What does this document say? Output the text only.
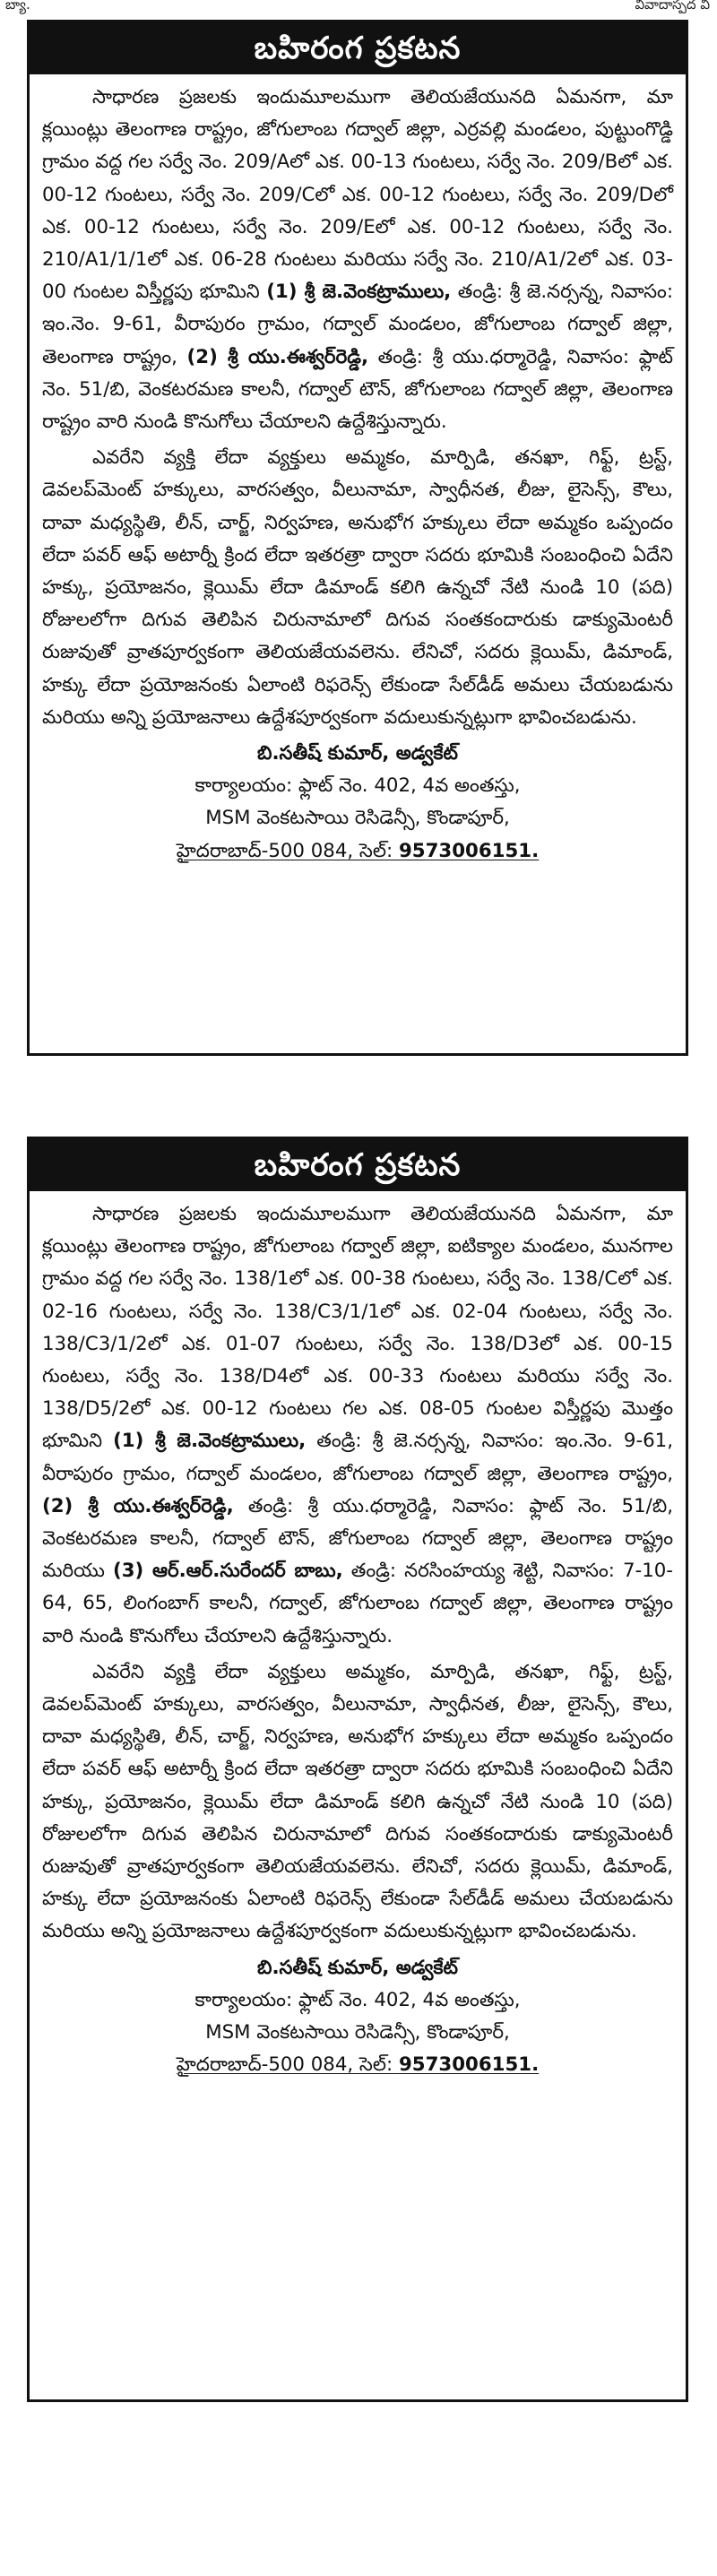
బ్యా.	వివాదాస్పద వి
బహిరంగ ప్రకటన

సాధారణ ప్రజలకు ఇందుమూలముగా తెలియజేయునది ఏమనగా, మా క్లయింట్లు తెలంగాణ రాష్ట్రం, జోగులాంబ గద్వాల్ జిల్లా, ఎర్రవల్లి మండలం, పుట్టుంగొడ్డి గ్రామం వద్ద గల సర్వే నెం. 209/Aలో ఎక. 00-13 గుంటలు, సర్వే నెం. 209/Bలో ఎక. 00-12 గుంటలు, సర్వే నెం. 209/Cలో ఎక. 00-12 గుంటలు, సర్వే నెం. 209/Dలో ఎక. 00-12 గుంటలు, సర్వే నెం. 209/Eలో ఎక. 00-12 గుంటలు, సర్వే నెం. 210/A1/1/1లో ఎక. 06-28 గుంటలు మరియు సర్వే నెం. 210/A1/2లో ఎక. 03-00 గుంటల విస్తీర్ణపు భూమిని (1) శ్రీ జె.వెంకట్రాములు, తండ్రి: శ్రీ జె.నర్సన్న, నివాసం: ఇం.నెం. 9-61, వీరాపురం గ్రామం, గద్వాల్ మండలం, జోగులాంబ గద్వాల్ జిల్లా, తెలంగాణ రాష్ట్రం, (2) శ్రీ యు.ఈశ్వర్‌రెడ్డి, తండ్రి: శ్రీ యు.ధర్మారెడ్డి, నివాసం: ఫ్లాట్ నెం. 51/బి, వెంకటరమణ కాలనీ, గద్వాల్ టౌన్, జోగులాంబ గద్వాల్ జిల్లా, తెలంగాణ రాష్ట్రం వారి నుండి కొనుగోలు చేయాలని ఉద్దేశిస్తున్నారు.

ఎవరేని వ్యక్తి లేదా వ్యక్తులు అమ్మకం, మార్పిడి, తనఖా, గిఫ్ట్, ట్రస్ట్, డెవలప్‌మెంట్ హక్కులు, వారసత్వం, వీలునామా, స్వాధీనత, లీజు, లైసెన్స్, కౌలు, దావా మధ్యస్థితి, లీన్, చార్జ్, నిర్వహణ, అనుభోగ హక్కులు లేదా అమ్మకం ఒప్పందం లేదా పవర్ ఆఫ్ అటార్నీ క్రింద లేదా ఇతరత్రా ద్వారా సదరు భూమికి సంబంధించి ఏదేని హక్కు, ప్రయోజనం, క్లెయిమ్ లేదా డిమాండ్ కలిగి ఉన్నచో నేటి నుండి 10 (పది) రోజులలోగా దిగువ తెలిపిన చిరునామాలో దిగువ సంతకందారుకు డాక్యుమెంటరీ రుజువుతో వ్రాతపూర్వకంగా తెలియజేయవలెను. లేనిచో, సదరు క్లెయిమ్, డిమాండ్, హక్కు లేదా ప్రయోజనంకు ఏలాంటి రిఫరెన్స్ లేకుండా సేల్‌డీడ్ అమలు చేయబడును మరియు అన్ని ప్రయోజనాలు ఉద్దేశపూర్వకంగా వదులుకున్నట్లుగా భావించబడును.

బి.సతీష్ కుమార్, అడ్వకేట్
కార్యాలయం: ఫ్లాట్ నెం. 402, 4వ అంతస్తు,
MSM వెంకటసాయి రెసిడెన్సీ, కొండాపూర్,
హైదరాబాద్-500 084, సెల్: 9573006151.
బహిరంగ ప్రకటన

సాధారణ ప్రజలకు ఇందుమూలముగా తెలియజేయునది ఏమనగా, మా క్లయింట్లు తెలంగాణ రాష్ట్రం, జోగులాంబ గద్వాల్ జిల్లా, ఐటిక్యాల మండలం, మునగాల గ్రామం వద్ద గల సర్వే నెం. 138/1లో ఎక. 00-38 గుంటలు, సర్వే నెం. 138/Cలో ఎక. 02-16 గుంటలు, సర్వే నెం. 138/C3/1/1లో ఎక. 02-04 గుంటలు, సర్వే నెం. 138/C3/1/2లో ఎక. 01-07 గుంటలు, సర్వే నెం. 138/D3లో ఎక. 00-15 గుంటలు, సర్వే నెం. 138/D4లో ఎక. 00-33 గుంటలు మరియు సర్వే నెం. 138/D5/2లో ఎక. 00-12 గుంటలు గల ఎక. 08-05 గుంటల విస్తీర్ణపు మొత్తం భూమిని (1) శ్రీ జె.వెంకట్రాములు, తండ్రి: శ్రీ జె.నర్సన్న, నివాసం: ఇం.నెం. 9-61, వీరాపురం గ్రామం, గద్వాల్ మండలం, జోగులాంబ గద్వాల్ జిల్లా, తెలంగాణ రాష్ట్రం, (2) శ్రీ యు.ఈశ్వర్‌రెడ్డి, తండ్రి: శ్రీ యు.ధర్మారెడ్డి, నివాసం: ఫ్లాట్ నెం. 51/బి, వెంకటరమణ కాలనీ, గద్వాల్ టౌన్, జోగులాంబ గద్వాల్ జిల్లా, తెలంగాణ రాష్ట్రం మరియు (3) ఆర్.ఆర్.సురేందర్ బాబు, తండ్రి: నరసింహయ్య శెట్టి, నివాసం: 7-10-64, 65, లింగంబాగ్ కాలనీ, గద్వాల్, జోగులాంబ గద్వాల్ జిల్లా, తెలంగాణ రాష్ట్రం వారి నుండి కొనుగోలు చేయాలని ఉద్దేశిస్తున్నారు.

ఎవరేని వ్యక్తి లేదా వ్యక్తులు అమ్మకం, మార్పిడి, తనఖా, గిఫ్ట్, ట్రస్ట్, డెవలప్‌మెంట్ హక్కులు, వారసత్వం, వీలునామా, స్వాధీనత, లీజు, లైసెన్స్, కౌలు, దావా మధ్యస్థితి, లీన్, చార్జ్, నిర్వహణ, అనుభోగ హక్కులు లేదా అమ్మకం ఒప్పందం లేదా పవర్ ఆఫ్ అటార్నీ క్రింద లేదా ఇతరత్రా ద్వారా సదరు భూమికి సంబంధించి ఏదేని హక్కు, ప్రయోజనం, క్లెయిమ్ లేదా డిమాండ్ కలిగి ఉన్నచో నేటి నుండి 10 (పది) రోజులలోగా దిగువ తెలిపిన చిరునామాలో దిగువ సంతకందారుకు డాక్యుమెంటరీ రుజువుతో వ్రాతపూర్వకంగా తెలియజేయవలెను. లేనిచో, సదరు క్లెయిమ్, డిమాండ్, హక్కు లేదా ప్రయోజనంకు ఏలాంటి రిఫరెన్స్ లేకుండా సేల్‌డీడ్ అమలు చేయబడును మరియు అన్ని ప్రయోజనాలు ఉద్దేశపూర్వకంగా వదులుకున్నట్లుగా భావించబడును.

బి.సతీష్ కుమార్, అడ్వకేట్
కార్యాలయం: ఫ్లాట్ నెం. 402, 4వ అంతస్తు,
MSM వెంకటసాయి రెసిడెన్సీ, కొండాపూర్,
హైదరాబాద్-500 084, సెల్: 9573006151.
